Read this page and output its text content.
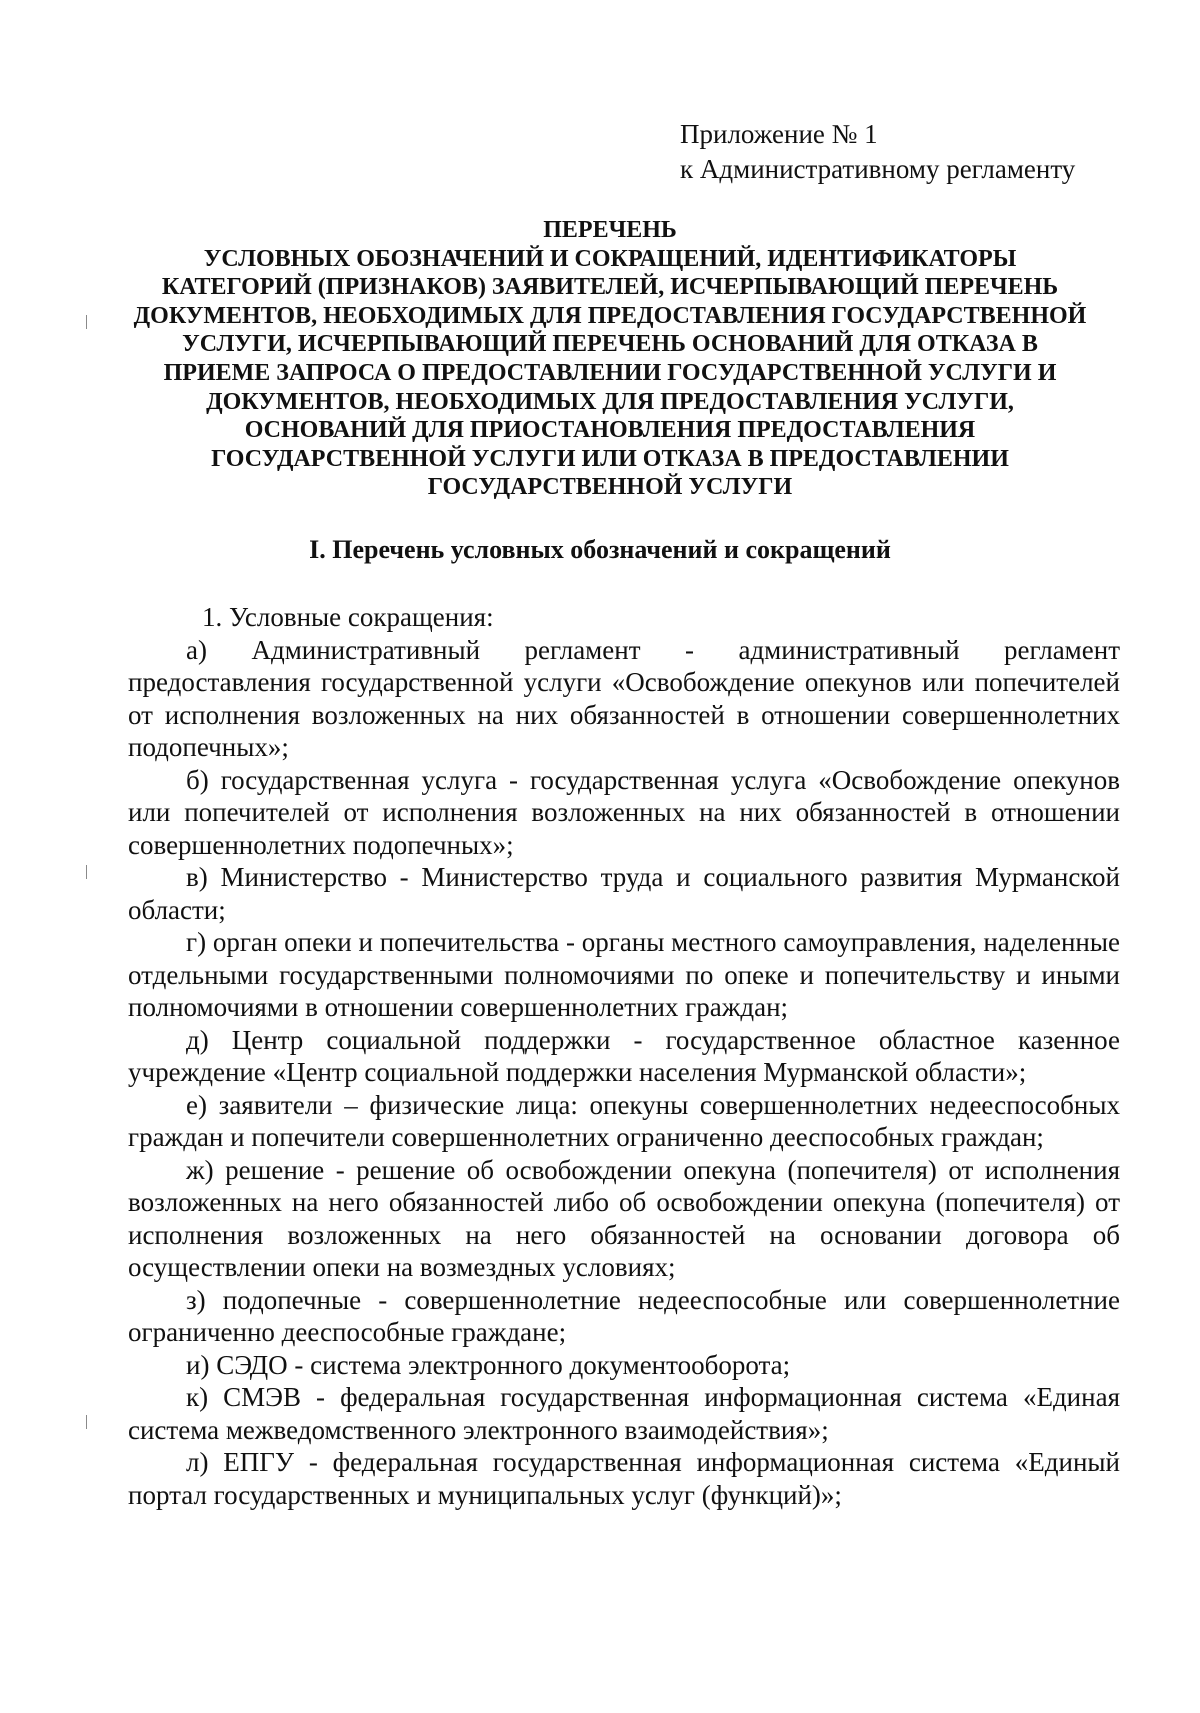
Приложение № 1
к Административному регламенту
ПЕРЕЧЕНЬ
УСЛОВНЫХ ОБОЗНАЧЕНИЙ И СОКРАЩЕНИЙ, ИДЕНТИФИКАТОРЫ
КАТЕГОРИЙ (ПРИЗНАКОВ) ЗАЯВИТЕЛЕЙ, ИСЧЕРПЫВАЮЩИЙ ПЕРЕЧЕНЬ
ДОКУМЕНТОВ, НЕОБХОДИМЫХ ДЛЯ ПРЕДОСТАВЛЕНИЯ ГОСУДАРСТВЕННОЙ
УСЛУГИ, ИСЧЕРПЫВАЮЩИЙ ПЕРЕЧЕНЬ ОСНОВАНИЙ ДЛЯ ОТКАЗА В
ПРИЕМЕ ЗАПРОСА О ПРЕДОСТАВЛЕНИИ ГОСУДАРСТВЕННОЙ УСЛУГИ И
ДОКУМЕНТОВ, НЕОБХОДИМЫХ ДЛЯ ПРЕДОСТАВЛЕНИЯ УСЛУГИ,
ОСНОВАНИЙ ДЛЯ ПРИОСТАНОВЛЕНИЯ ПРЕДОСТАВЛЕНИЯ
ГОСУДАРСТВЕННОЙ УСЛУГИ ИЛИ ОТКАЗА В ПРЕДОСТАВЛЕНИИ
ГОСУДАРСТВЕННОЙ УСЛУГИ
I. Перечень условных обозначений и сокращений

1. Условные сокращения:

а) Административный регламент - административный регламент предоставления государственной услуги «Освобождение опекунов или попечителей от исполнения возложенных на них обязанностей в отношении совершеннолетних подопечных»;

б) государственная услуга - государственная услуга «Освобождение опекунов или попечителей от исполнения возложенных на них обязанностей в отношении совершеннолетних подопечных»;

в) Министерство - Министерство труда и социального развития Мурманской области;

г) орган опеки и попечительства - органы местного самоуправления, наделенные отдельными государственными полномочиями по опеке и попечительству и иными полномочиями в отношении совершеннолетних граждан;

д) Центр социальной поддержки - государственное областное казенное учреждение «Центр социальной поддержки населения Мурманской области»;

е) заявители – физические лица: опекуны совершеннолетних недееспособных граждан и попечители совершеннолетних ограниченно дееспособных граждан;

ж) решение - решение об освобождении опекуна (попечителя) от исполнения возложенных на него обязанностей либо об освобождении опекуна (попечителя) от исполнения возложенных на него обязанностей на основании договора об осуществлении опеки на возмездных условиях;

з) подопечные - совершеннолетние недееспособные или совершеннолетние ограниченно дееспособные граждане;

и) СЭДО - система электронного документооборота;

к) СМЭВ - федеральная государственная информационная система «Единая система межведомственного электронного взаимодействия»;

л) ЕПГУ - федеральная государственная информационная система «Единый портал государственных и муниципальных услуг (функций)»;
